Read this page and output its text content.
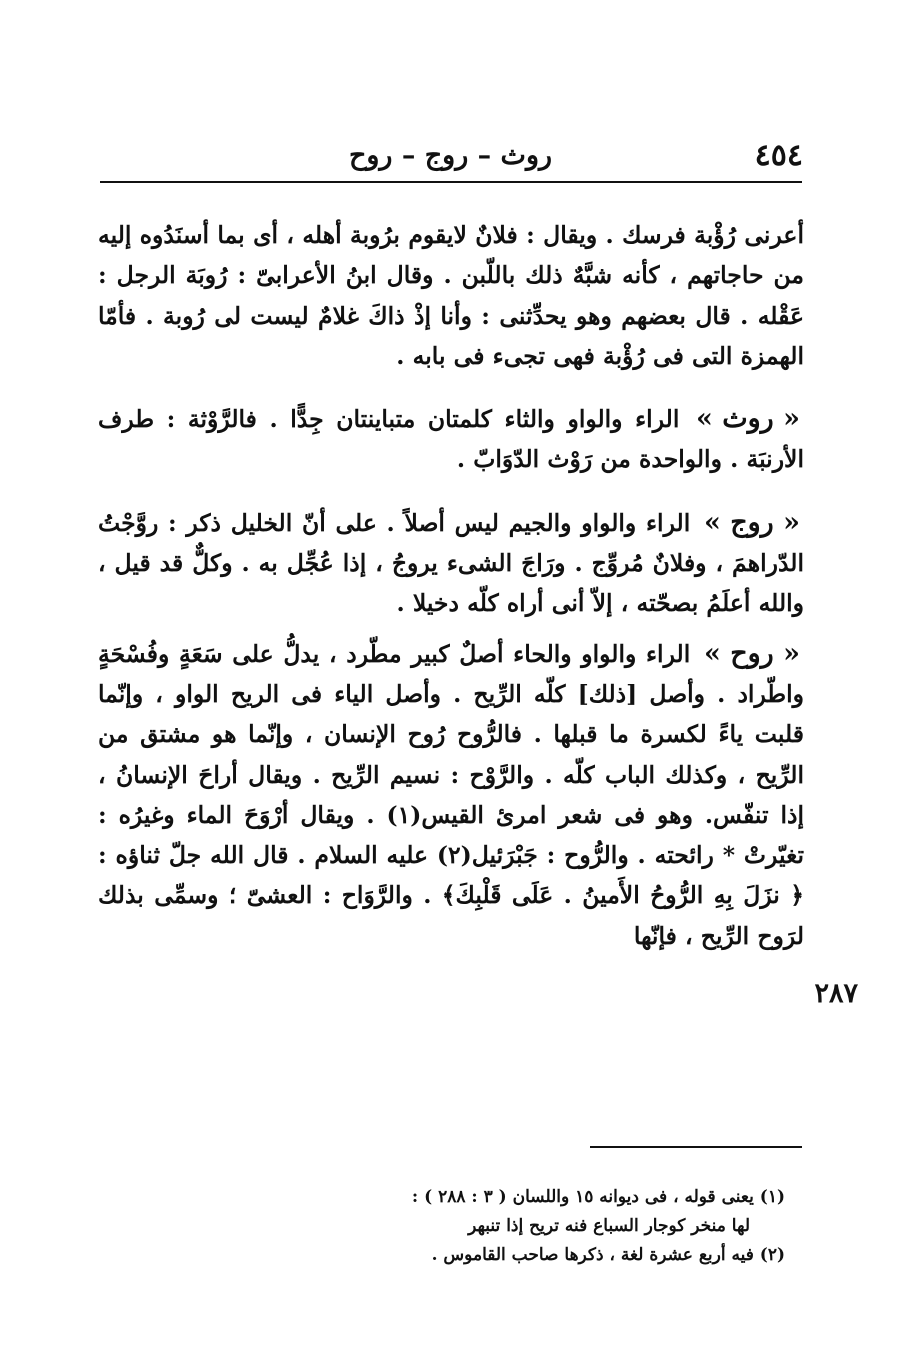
٤٥٤
روث – روج – روح

أعرنى رُؤْبة فرسك . ويقال : فلانٌ لايقوم برُوبة أهله ، أى بما أسنَدُوه إليه من حاجاتهم ، كأنه شبَّهٌ ذلك باللّبن . وقال ابنُ الأعرابىّ : رُوبَة الرجل : عَقْله . قال بعضهم وهو يحدِّثنى : وأنا إذْ ذاكَ غلامٌ ليست لى رُوبة . فأمّا الهمزة التى فى رُؤْبة فهى تجىء فى بابه .

« روث » الراء والواو والثاء كلمتان متباينتان جِدًّا . فالرَّوْثة : طرف الأرنبَة . والواحدة من رَوْث الدّوَابّ .

« روج » الراء والواو والجيم ليس أصلاً . على أنّ الخليل ذكر : روَّجْتُ الدّراهمَ ، وفلانٌ مُروِّج . ورَاجَ الشىء يروجُ ، إذا عُجِّل به . وكلٌّ قد قيل ، والله أعلَمُ بصحّته ، إلاّ أنى أراه كلّه دخيلا .

« روح » الراء والواو والحاء أصلٌ كبير مطّرد ، يدلُّ على سَعَةٍ وفُسْحَةٍ واطّراد . وأصل [ذلك] كلّه الرِّيح . وأصل الياء فى الريح الواو ، وإنّما قلبت ياءً لكسرة ما قبلها . فالرُّوح رُوح الإنسان ، وإنّما هو مشتق من الرِّيح ، وكذلك الباب كلّه . والرَّوْح : نسيم الرِّيح . ويقال أراحَ الإنسانُ ، إذا تنفّس. وهو فى شعر امرئ القيس(١) . ويقال أرْوَحَ الماء وغيرُه : تغيّرتْ * رائحته . والرُّوح : جَبْرَئيل(٢) عليه السلام . قال الله جلّ ثناؤه : ﴿ نزَلَ بِهِ الرُّوحُ الأَمينُ . عَلَى قَلْبِكَ﴾ . والرَّوَاح : العشىّ ؛ وسمِّى بذلك لرَوح الرِّيح ، فإنّها

٢٨٧

(١) يعنى قوله ، فى ديوانه ١٥ واللسان ( ٣ : ٢٨٨ ) :

لها منخر كوجار السباع فنه تريح إذا تنبهر

(٢) فيه أربع عشرة لغة ، ذكرها صاحب القاموس .
